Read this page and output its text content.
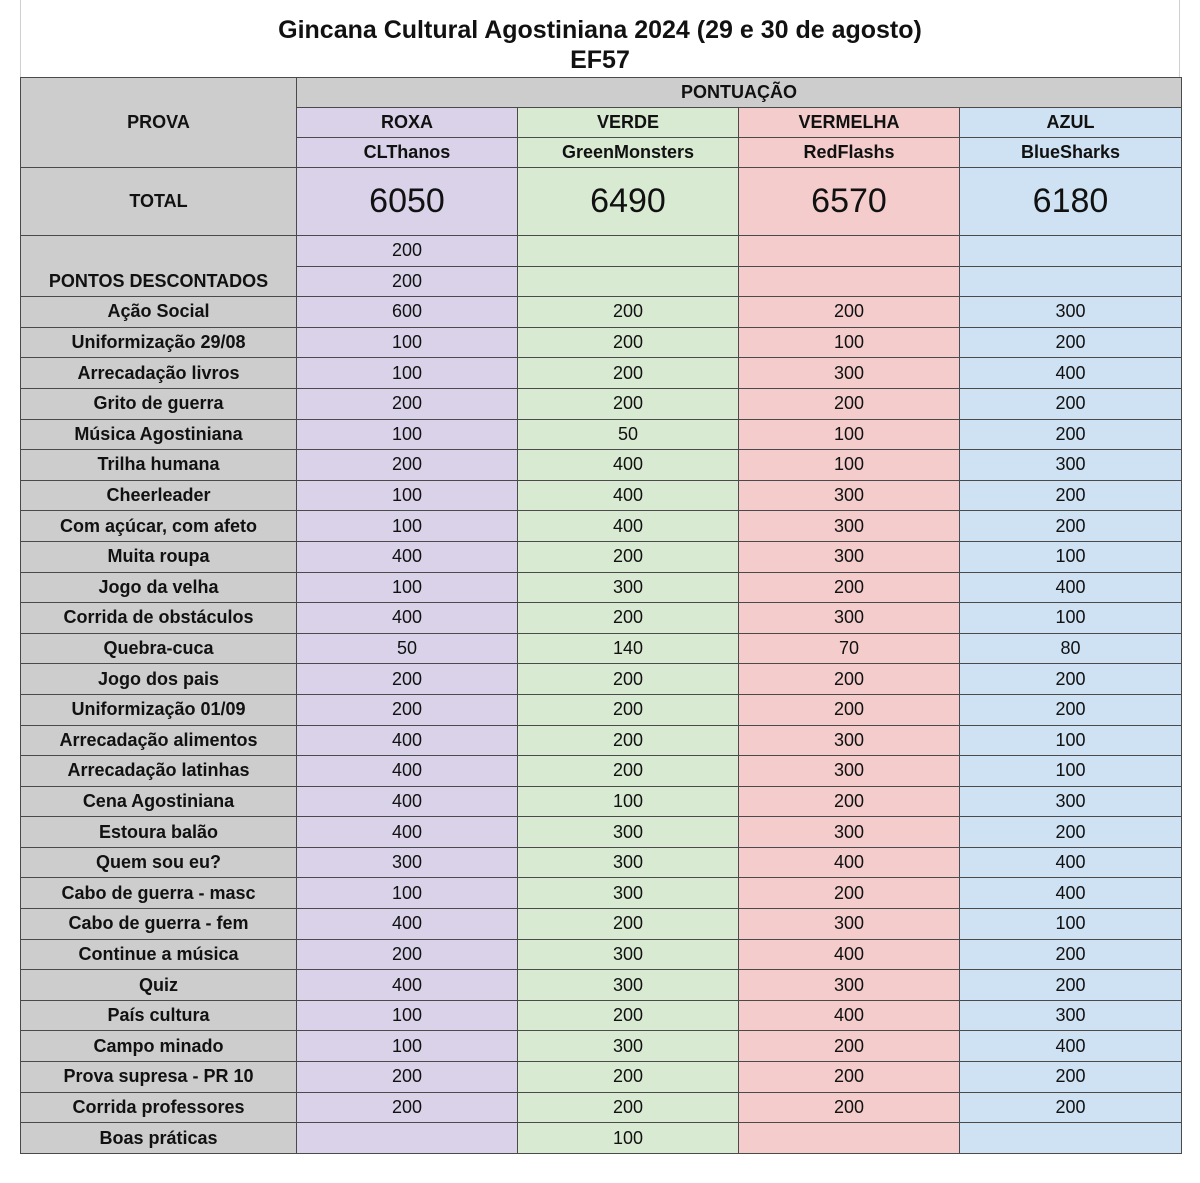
Gincana Cultural Agostiniana 2024 (29 e 30 de agosto)
EF57
PROVA	PONTUAÇÃO			
	ROXA	VERDE	VERMELHA	AZUL
	CLThanos	GreenMonsters	RedFlashs	BlueSharks
TOTAL	6050	6490	6570	6180
PONTOS DESCONTADOS	200			
	200			
Ação Social	600	200	200	300
Uniformização 29/08	100	200	100	200
Arrecadação livros	100	200	300	400
Grito de guerra	200	200	200	200
Música Agostiniana	100	50	100	200
Trilha humana	200	400	100	300
Cheerleader	100	400	300	200
Com açúcar, com afeto	100	400	300	200
Muita roupa	400	200	300	100
Jogo da velha	100	300	200	400
Corrida de obstáculos	400	200	300	100
Quebra-cuca	50	140	70	80
Jogo dos pais	200	200	200	200
Uniformização 01/09	200	200	200	200
Arrecadação alimentos	400	200	300	100
Arrecadação latinhas	400	200	300	100
Cena Agostiniana	400	100	200	300
Estoura balão	400	300	300	200
Quem sou eu?	300	300	400	400
Cabo de guerra - masc	100	300	200	400
Cabo de guerra - fem	400	200	300	100
Continue a música	200	300	400	200
Quiz	400	300	300	200
País cultura	100	200	400	300
Campo minado	100	300	200	400
Prova supresa - PR 10	200	200	200	200
Corrida professores	200	200	200	200
Boas práticas		100		
